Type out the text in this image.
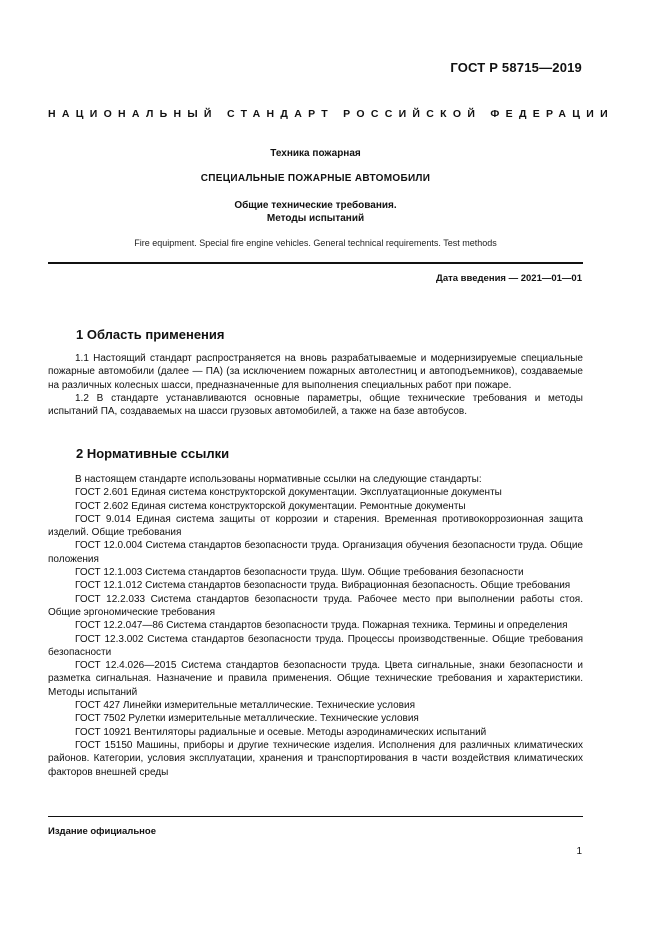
ГОСТ Р 58715—2019
НАЦИОНАЛЬНЫЙ СТАНДАРТ РОССИЙСКОЙ ФЕДЕРАЦИИ
Техника пожарная
СПЕЦИАЛЬНЫЕ ПОЖАРНЫЕ АВТОМОБИЛИ
Общие технические требования.
Методы испытаний
Fire equipment. Special fire engine vehicles. General technical requirements. Test methods
Дата введения — 2021—01—01
1 Область применения

1.1 Настоящий стандарт распространяется на вновь разрабатываемые и модернизируемые специальные пожарные автомобили (далее — ПА) (за исключением пожарных автолестниц и автоподъемников), создаваемые на различных колесных шасси, предназначенные для выполнения специальных работ при пожаре.

1.2 В стандарте устанавливаются основные параметры, общие технические требования и методы испытаний ПА, создаваемых на шасси грузовых автомобилей, а также на базе автобусов.

2 Нормативные ссылки

В настоящем стандарте использованы нормативные ссылки на следующие стандарты:

ГОСТ 2.601 Единая система конструкторской документации. Эксплуатационные документы

ГОСТ 2.602 Единая система конструкторской документации. Ремонтные документы

ГОСТ 9.014 Единая система защиты от коррозии и старения. Временная противокоррозионная защита изделий. Общие требования

ГОСТ 12.0.004 Система стандартов безопасности труда. Организация обучения безопасности труда. Общие положения

ГОСТ 12.1.003 Система стандартов безопасности труда. Шум. Общие требования безопасности

ГОСТ 12.1.012 Система стандартов безопасности труда. Вибрационная безопасность. Общие требования

ГОСТ 12.2.033 Система стандартов безопасности труда. Рабочее место при выполнении работы стоя. Общие эргономические требования

ГОСТ 12.2.047—86 Система стандартов безопасности труда. Пожарная техника. Термины и определения

ГОСТ 12.3.002 Система стандартов безопасности труда. Процессы производственные. Общие требования безопасности

ГОСТ 12.4.026—2015 Система стандартов безопасности труда. Цвета сигнальные, знаки безопасности и разметка сигнальная. Назначение и правила применения. Общие технические требования и характеристики. Методы испытаний

ГОСТ 427 Линейки измерительные металлические. Технические условия

ГОСТ 7502 Рулетки измерительные металлические. Технические условия

ГОСТ 10921 Вентиляторы радиальные и осевые. Методы аэродинамических испытаний

ГОСТ 15150 Машины, приборы и другие технические изделия. Исполнения для различных климатических районов. Категории, условия эксплуатации, хранения и транспортирования в части воздействия климатических факторов внешней среды

Издание официальное
1
